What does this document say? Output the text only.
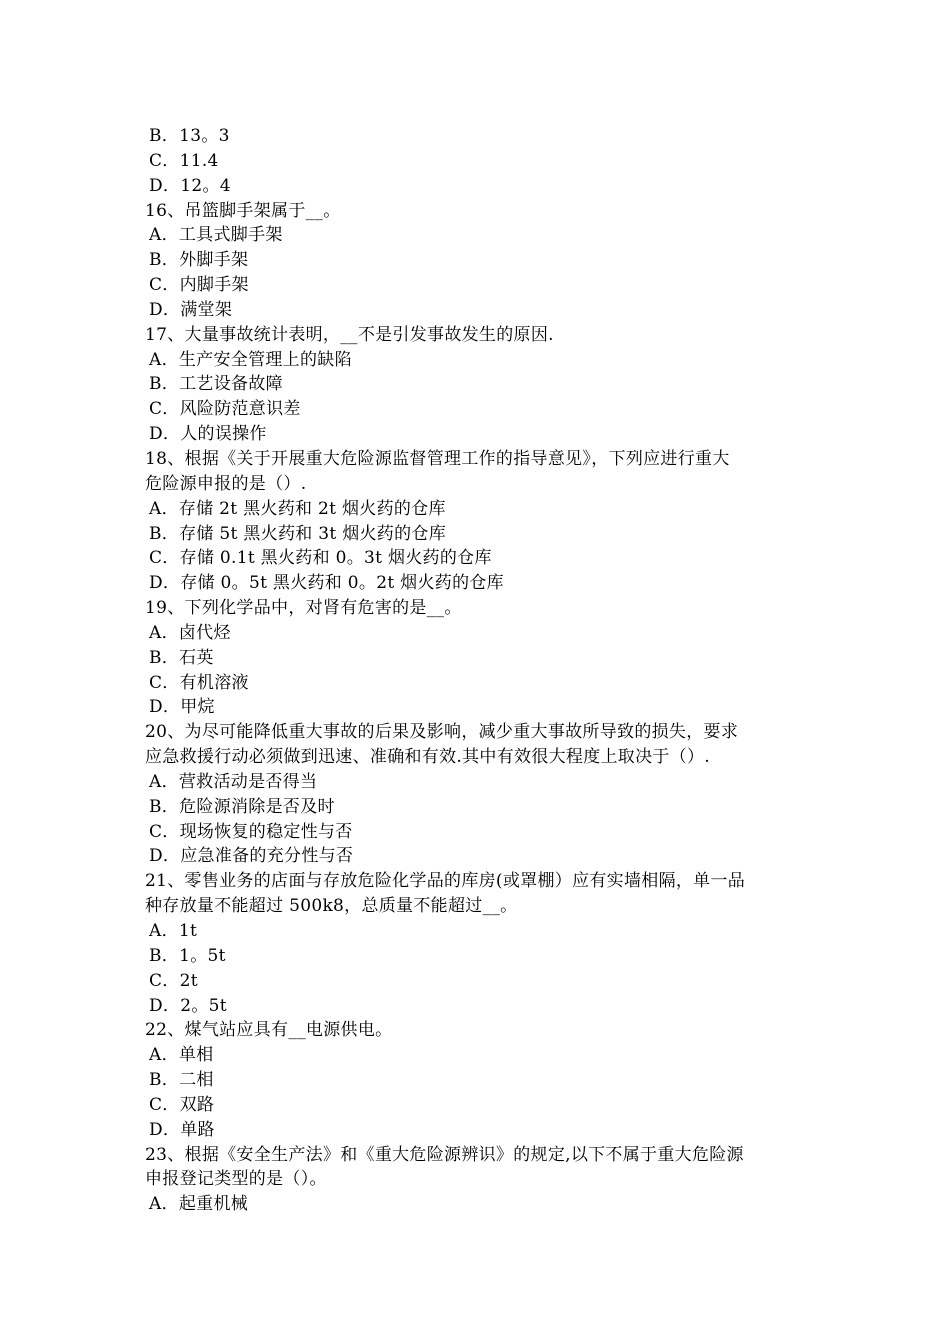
B．13。3
C．11.4
D．12。4
16、吊篮脚手架属于__。
A．工具式脚手架
B．外脚手架
C．内脚手架
D．满堂架
17、大量事故统计表明，__不是引发事故发生的原因.
A．生产安全管理上的缺陷
B．工艺设备故障
C．风险防范意识差
D．人的误操作
18、根据《关于开展重大危险源监督管理工作的指导意见》，下列应进行重大
危险源申报的是（）.
A．存储 2t 黑火药和 2t 烟火药的仓库
B．存储 5t 黑火药和 3t 烟火药的仓库
C．存储 0.1t 黑火药和 0。3t 烟火药的仓库
D．存储 0。5t 黑火药和 0。2t 烟火药的仓库
19、下列化学品中，对肾有危害的是__。
A．卤代烃
B．石英
C．有机溶液
D．甲烷
20、为尽可能降低重大事故的后果及影响，减少重大事故所导致的损失，要求
应急救援行动必须做到迅速、准确和有效.其中有效很大程度上取决于（）.
A．营救活动是否得当
B．危险源消除是否及时
C．现场恢复的稳定性与否
D．应急准备的充分性与否
21、零售业务的店面与存放危险化学品的库房(或罩棚）应有实墙相隔，单一品
种存放量不能超过 500k8，总质量不能超过__。
A．1t
B．1。5t
C．2t
D．2。5t
22、煤气站应具有__电源供电。
A．单相
B．二相
C．双路
D．单路
23、根据《安全生产法》和《重大危险源辨识》的规定,以下不属于重大危险源
申报登记类型的是（）。
A．起重机械
